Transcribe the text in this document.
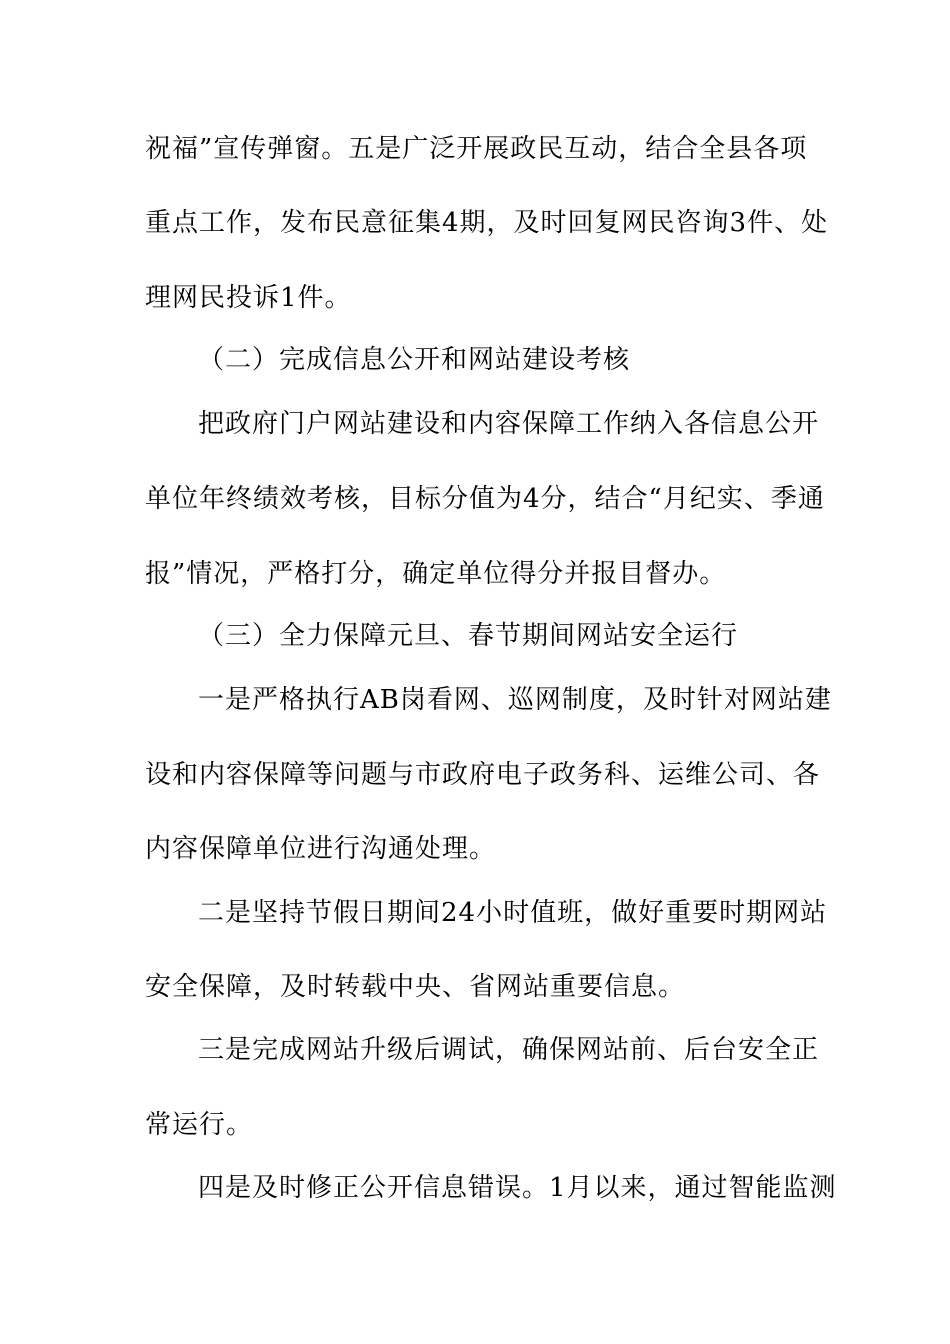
祝福”宣传弹窗。五是广泛开展政民互动，结合全县各项
重点工作，发布民意征集4期，及时回复网民咨询3件、处
理网民投诉1件。
（二）完成信息公开和网站建设考核
把政府门户网站建设和内容保障工作纳入各信息公开
单位年终绩效考核，目标分值为4分，结合“月纪实、季通
报”情况，严格打分，确定单位得分并报目督办。
（三）全力保障元旦、春节期间网站安全运行
一是严格执行AB岗看网、巡网制度，及时针对网站建
设和内容保障等问题与市政府电子政务科、运维公司、各
内容保障单位进行沟通处理。
二是坚持节假日期间24小时值班，做好重要时期网站
安全保障，及时转载中央、省网站重要信息。
三是完成网站升级后调试，确保网站前、后台安全正
常运行。
四是及时修正公开信息错误。1月以来，通过智能监测
